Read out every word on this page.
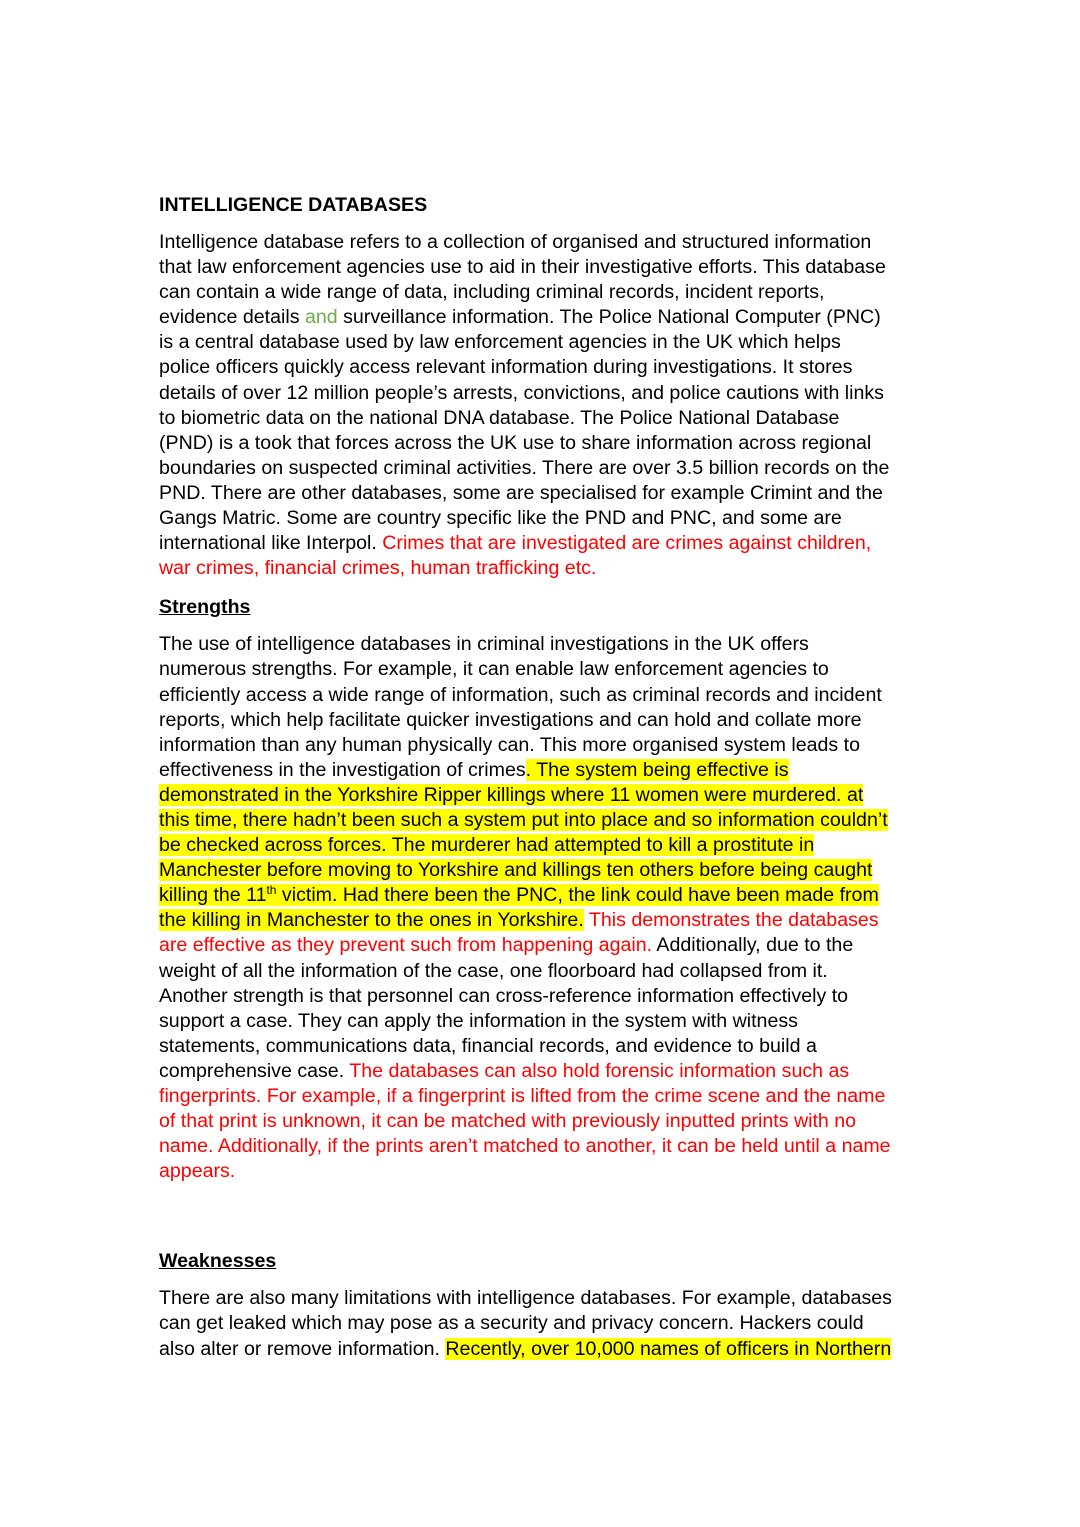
INTELLIGENCE DATABASES

Intelligence database refers to a collection of organised and structured information
that law enforcement agencies use to aid in their investigative efforts. This database
can contain a wide range of data, including criminal records, incident reports,
evidence details and surveillance information. The Police National Computer (PNC)
is a central database used by law enforcement agencies in the UK which helps
police officers quickly access relevant information during investigations. It stores
details of over 12 million people’s arrests, convictions, and police cautions with links
to biometric data on the national DNA database. The Police National Database
(PND) is a took that forces across the UK use to share information across regional
boundaries on suspected criminal activities. There are over 3.5 billion records on the
PND. There are other databases, some are specialised for example Crimint and the
Gangs Matric. Some are country specific like the PND and PNC, and some are
international like Interpol. Crimes that are investigated are crimes against children,
war crimes, financial crimes, human trafficking etc.

Strengths

The use of intelligence databases in criminal investigations in the UK offers
numerous strengths. For example, it can enable law enforcement agencies to
efficiently access a wide range of information, such as criminal records and incident
reports, which help facilitate quicker investigations and can hold and collate more
information than any human physically can. This more organised system leads to
effectiveness in the investigation of crimes. The system being effective is
demonstrated in the Yorkshire Ripper killings where 11 women were murdered. at
this time, there hadn’t been such a system put into place and so information couldn’t
be checked across forces. The murderer had attempted to kill a prostitute in
Manchester before moving to Yorkshire and killings ten others before being caught
killing the 11th victim. Had there been the PNC, the link could have been made from
the killing in Manchester to the ones in Yorkshire. This demonstrates the databases
are effective as they prevent such from happening again. Additionally, due to the
weight of all the information of the case, one floorboard had collapsed from it.
Another strength is that personnel can cross-reference information effectively to
support a case. They can apply the information in the system with witness
statements, communications data, financial records, and evidence to build a
comprehensive case. The databases can also hold forensic information such as
fingerprints. For example, if a fingerprint is lifted from the crime scene and the name
of that print is unknown, it can be matched with previously inputted prints with no
name. Additionally, if the prints aren’t matched to another, it can be held until a name
appears.

Weaknesses

There are also many limitations with intelligence databases. For example, databases
can get leaked which may pose as a security and privacy concern. Hackers could
also alter or remove information. Recently, over 10,000 names of officers in Northern
